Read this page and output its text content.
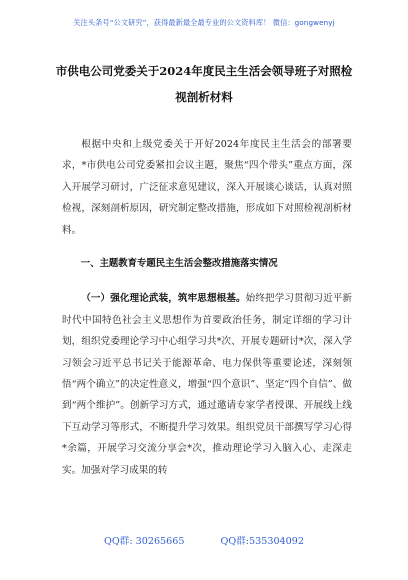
关注头条号“公文研究”，获得最新最全最专业的公文资料库！ 微信：gongwenyj
市供电公司党委关于2024年度民主生活会领导班子对照检
视剖析材料

根据中央和上级党委关于开好2024年度民主生活会的部署要求，*市供电公司党委紧扣会议主题，聚焦“四个带头”重点方面，深入开展学习研讨，广泛征求意见建议，深入开展谈心谈话，认真对照检视，深刻剖析原因，研究制定整改措施，形成如下对照检视剖析材料。

一、主题教育专题民主生活会整改措施落实情况

（一）强化理论武装，筑牢思想根基。始终把学习贯彻习近平新时代中国特色社会主义思想作为首要政治任务，制定详细的学习计划，组织党委理论学习中心组学习共*次、开展专题研讨*次，深入学习领会习近平总书记关于能源革命、电力保供等重要论述，深刻领悟“两个确立”的决定性意义，增强“四个意识”、坚定“四个自信”、做到“两个维护”。创新学习方式，通过邀请专家学者授课、开展线上线下互动学习等形式，不断提升学习效果。组织党员干部撰写学习心得*余篇，开展学习交流分享会*次，推动理论学习入脑入心、走深走实。加强对学习成果的转

QQ群: 30265665	QQ群:535304092
